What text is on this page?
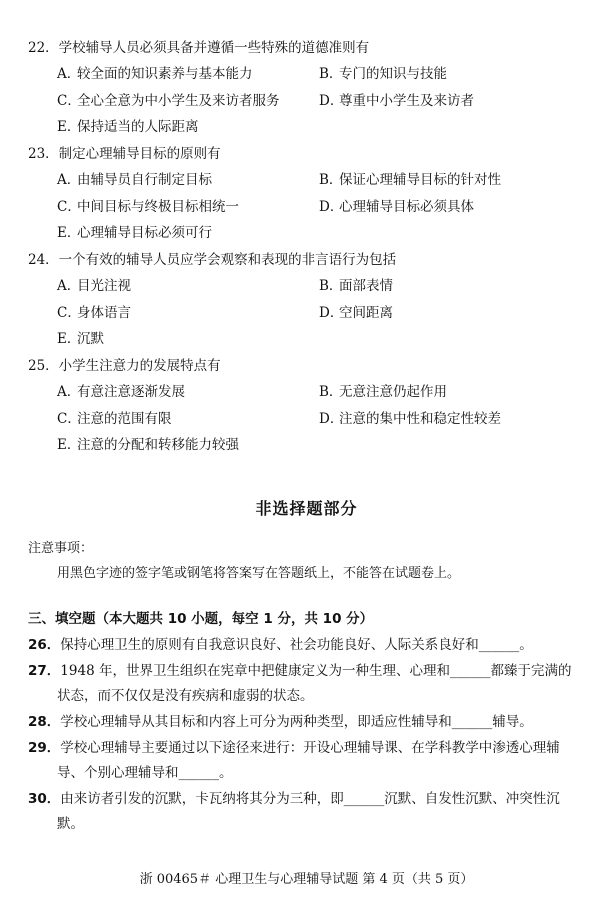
22．学校辅导人员必须具备并遵循一些特殊的道德准则有
A．较全面的知识素养与基本能力	B．专门的知识与技能
C．全心全意为中小学生及来访者服务	D．尊重中小学生及来访者
E．保持适当的人际距离
23．制定心理辅导目标的原则有
A．由辅导员自行制定目标	B．保证心理辅导目标的针对性
C．中间目标与终极目标相统一	D．心理辅导目标必须具体
E．心理辅导目标必须可行
24．一个有效的辅导人员应学会观察和表现的非言语行为包括
A．目光注视	B．面部表情
C．身体语言	D．空间距离
E．沉默
25．小学生注意力的发展特点有
A．有意注意逐渐发展	B．无意注意仍起作用
C．注意的范围有限	D．注意的集中性和稳定性较差
E．注意的分配和转移能力较强
非选择题部分
注意事项：
用黑色字迹的签字笔或钢笔将答案写在答题纸上，不能答在试题卷上。
三、填空题（本大题共 10 小题，每空 1 分，共 10 分）
26．保持心理卫生的原则有自我意识良好、社会功能良好、人际关系良好和______。
27．1948 年，世界卫生组织在宪章中把健康定义为一种生理、心理和______都臻于完满的
状态，而不仅仅是没有疾病和虚弱的状态。
28．学校心理辅导从其目标和内容上可分为两种类型，即适应性辅导和______辅导。
29．学校心理辅导主要通过以下途径来进行：开设心理辅导课、在学科教学中渗透心理辅
导、个别心理辅导和______。
30．由来访者引发的沉默，卡瓦纳将其分为三种，即______沉默、自发性沉默、冲突性沉
默。
浙 00465＃ 心理卫生与心理辅导试题 第 4 页（共 5 页）
